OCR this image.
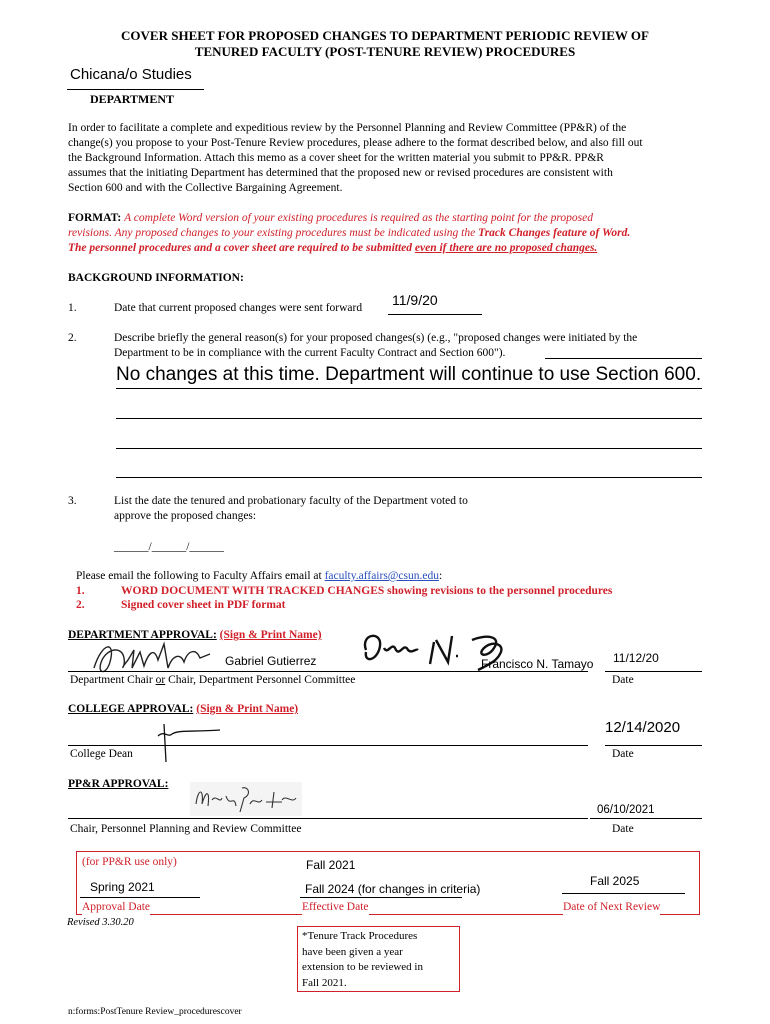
COVER SHEET FOR PROPOSED CHANGES TO DEPARTMENT PERIODIC REVIEW OF
TENURED FACULTY (POST-TENURE REVIEW) PROCEDURES
Chicana/o Studies
DEPARTMENT
In order to facilitate a complete and expeditious review by the Personnel Planning and Review Committee (PP&R) of the
change(s) you propose to your Post-Tenure Review procedures, please adhere to the format described below, and also fill out
the Background Information. Attach this memo as a cover sheet for the written material you submit to PP&R. PP&R
assumes that the initiating Department has determined that the proposed new or revised procedures are consistent with
Section 600 and with the Collective Bargaining Agreement.
FORMAT: A complete Word version of your existing procedures is required as the starting point for the proposed
revisions. Any proposed changes to your existing procedures must be indicated using the Track Changes feature of Word.
The personnel procedures and a cover sheet are required to be submitted even if there are no proposed changes.
BACKGROUND INFORMATION:
1.	Date that current proposed changes were sent forward 11/9/20
2.	Describe briefly the general reason(s) for your proposed changes(s) (e.g., "proposed changes were initiated by the
Department to be in compliance with the current Faculty Contract and Section 600").
No changes at this time. Department will continue to use Section 600.
3.	List the date the tenured and probationary faculty of the Department voted to
approve the proposed changes:
______/______/______
Please email the following to Faculty Affairs email at faculty.affairs@csun.edu:
1.	WORD DOCUMENT WITH TRACKED CHANGES showing revisions to the personnel procedures
2.	Signed cover sheet in PDF format
DEPARTMENT APPROVAL: (Sign & Print Name)
Gabriel Gutierrez	Francisco N. Tamayo 11/12/20
Department Chair or Chair, Department Personnel Committee	Date
COLLEGE APPROVAL: (Sign & Print Name)
12/14/2020
College Dean	Date
PP&R APPROVAL:
06/10/2021
Chair, Personnel Planning and Review Committee	Date
(for PP&R use only)
Spring 2021
Approval Date
Fall 2021
Fall 2024 (for changes in criteria)
Effective Date
Fall 2025
Date of Next Review
Revised 3.30.20
*Tenure Track Procedures
have been given a year
extension to be reviewed in
Fall 2021.
n:forms:PostTenure Review_procedurescover
